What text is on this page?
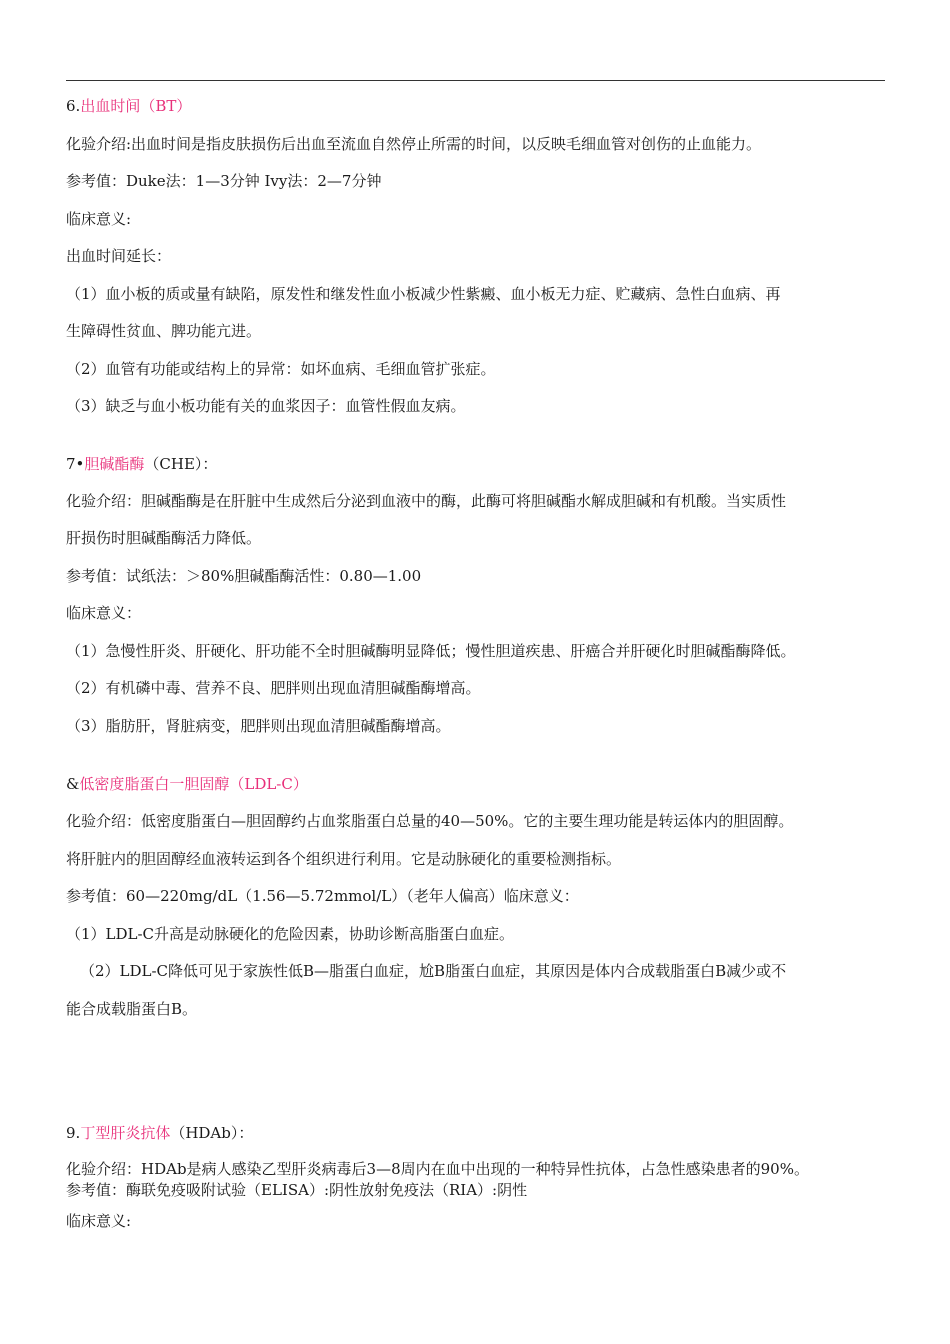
6.出血时间（BT）
化验介绍:出血时间是指皮肤损伤后出血至流血自然停止所需的时间，以反映毛细血管对创伤的止血能力。
参考值：Duke法：1—3分钟 Ivy法：2—7分钟
临床意义:
出血时间延长：
（1）血小板的质或量有缺陷，原发性和继发性血小板减少性紫癜、血小板无力症、贮藏病、急性白血病、再
生障碍性贫血、脾功能亢进。
（2）血管有功能或结构上的异常：如坏血病、毛细血管扩张症。
（3）缺乏与血小板功能有关的血浆因子：血管性假血友病。
7•胆碱酯酶（CHE）：
化验介绍：胆碱酯酶是在肝脏中生成然后分泌到血液中的酶，此酶可将胆碱酯水解成胆碱和有机酸。当实质性
肝损伤时胆碱酯酶活力降低。
参考值：试纸法：＞80%胆碱酯酶活性：0.80—1.00
临床意义：
（1）急慢性肝炎、肝硬化、肝功能不全时胆碱酶明显降低；慢性胆道疾患、肝癌合并肝硬化时胆碱酯酶降低。
（2）有机磷中毒、营养不良、肥胖则出现血清胆碱酯酶增高。
（3）脂肪肝，肾脏病变，肥胖则出现血清胆碱酯酶增高。
&低密度脂蛋白一胆固醇（LDL-C）
化验介绍：低密度脂蛋白—胆固醇约占血浆脂蛋白总量的40—50%。它的主要生理功能是转运体内的胆固醇。
将肝脏内的胆固醇经血液转运到各个组织进行利用。它是动脉硬化的重要检测指标。
参考值：60—220mg/dL（1.56—5.72mmol/L）（老年人偏高）临床意义：
（1）LDL-C升高是动脉硬化的危险因素，协助诊断高脂蛋白血症。
（2）LDL-C降低可见于家族性低B—脂蛋白血症，尬B脂蛋白血症，其原因是体内合成载脂蛋白B减少或不
能合成载脂蛋白B。
9.丁型肝炎抗体（HDAb）：
化验介绍：HDAb是病人感染乙型肝炎病毒后3—8周内在血中出现的一种特异性抗体，占急性感染患者的90%。
参考值：酶联免疫吸附试验（ELISA）:阴性放射免疫法（RIA）:阴性
临床意义:
